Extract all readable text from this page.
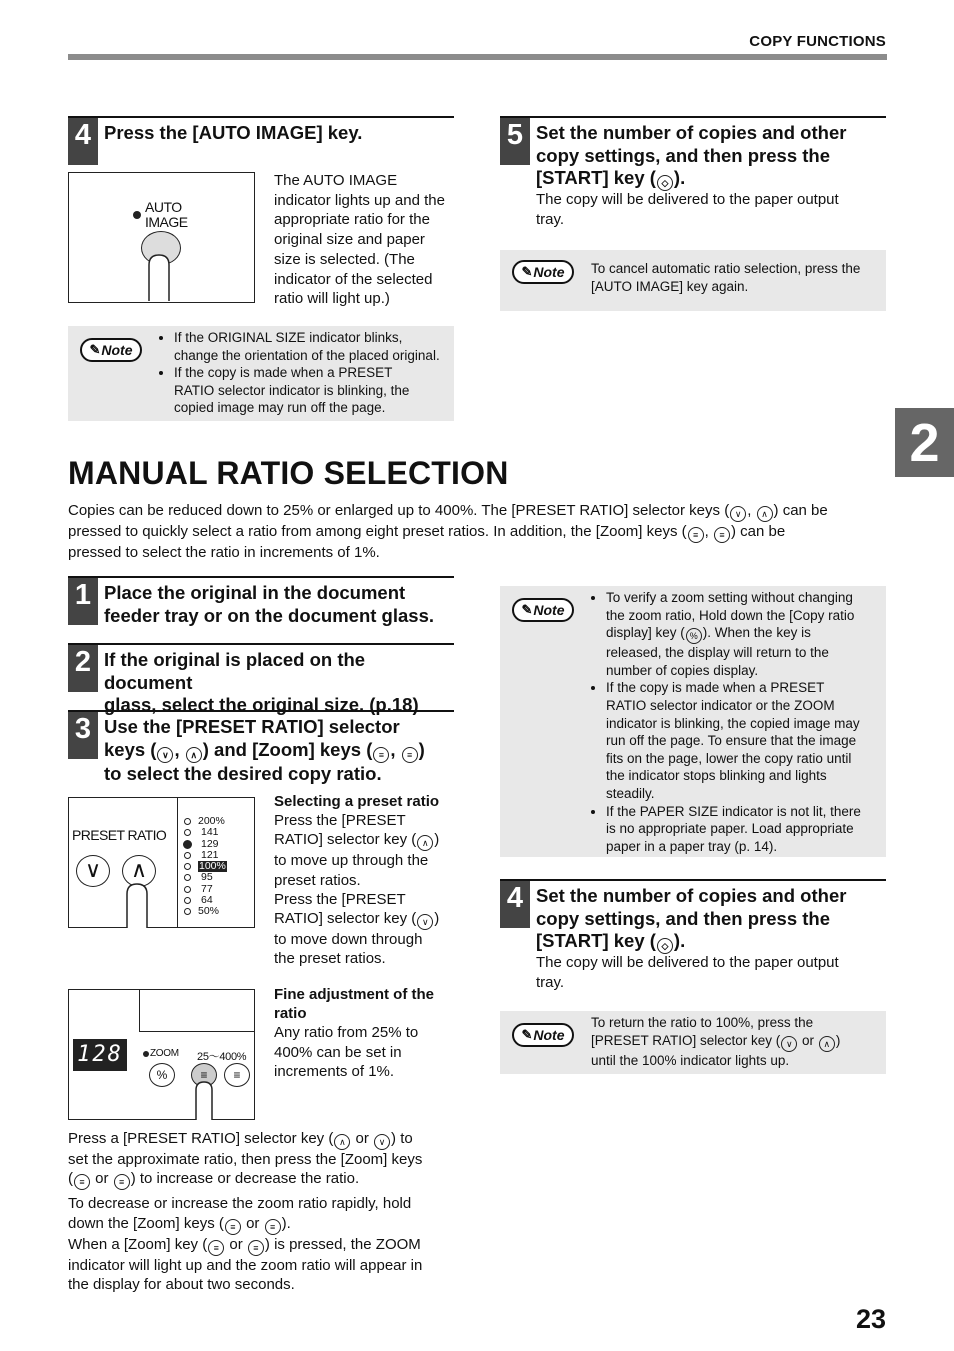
COPY FUNCTIONS
2
4 Press the [AUTO IMAGE] key.
AUTO
IMAGE
The AUTO IMAGE
indicator lights up and the
appropriate ratio for the
original size and paper
size is selected. (The
indicator of the selected
ratio will light up.)
✎ Note
• If the ORIGINAL SIZE indicator blinks,
change the orientation of the placed original.
• If the copy is made when a PRESET
RATIO selector indicator is blinking, the
copied image may run off the page.
5 Set the number of copies and other
copy settings, and then press the
[START] key ( ◇ ).
The copy will be delivered to the paper output
tray.
✎ Note To cancel automatic ratio selection, press the
[AUTO IMAGE] key again.
MANUAL RATIO SELECTION
Copies can be reduced down to 25% or enlarged up to 400%. The [PRESET RATIO] selector keys ( ∨ , ∧ ) can be
pressed to quickly select a ratio from among eight preset ratios. In addition, the [Zoom] keys ( ≡ , ≡ ) can be
pressed to select the ratio in increments of 1%.
1 Place the original in the document
feeder tray or on the document glass.
2 If the original is placed on the document
glass, select the original size. (p.18)
3 Use the [PRESET RATIO] selector
keys ( ∨ , ∧ ) and [Zoom] keys ( ≡ , ≡ )
to select the desired copy ratio.
PRESET RATIO
∨	∧
200%
141
129
121
100%
95
77
64
50%
Selecting a preset ratio
Press the [PRESET
RATIO] selector key ( ∧ )
to move up through the
preset ratios.
Press the [PRESET
RATIO] selector key ( ∨ )
to move down through
the preset ratios.
128	ZOOM 25～400%
%	≡	≡
Fine adjustment of the
ratio
Any ratio from 25% to
400% can be set in
increments of 1%.
Press a [PRESET RATIO] selector key ( ∧ or ∨ ) to
set the approximate ratio, then press the [Zoom] keys
( ≡ or ≡ ) to increase or decrease the ratio.
To decrease or increase the zoom ratio rapidly, hold
down the [Zoom] keys ( ≡ or ≡ ).
When a [Zoom] key ( ≡ or ≡ ) is pressed, the ZOOM
indicator will light up and the zoom ratio will appear in
the display for about two seconds.
✎ Note
• To verify a zoom setting without changing
the zoom ratio, Hold down the [Copy ratio
display] key ( % ). When the key is
released, the display will return to the
number of copies display.
• If the copy is made when a PRESET
RATIO selector indicator or the ZOOM
indicator is blinking, the copied image may
run off the page. To ensure that the image
fits on the page, lower the copy ratio until
the indicator stops blinking and lights
steadily.
• If the PAPER SIZE indicator is not lit, there
is no appropriate paper. Load appropriate
paper in a paper tray (p. 14).
4 Set the number of copies and other
copy settings, and then press the
[START] key ( ◇ ).
The copy will be delivered to the paper output
tray.
✎ Note
To return the ratio to 100%, press the
[PRESET RATIO] selector key ( ∨ or ∧ )
until the 100% indicator lights up.
23
